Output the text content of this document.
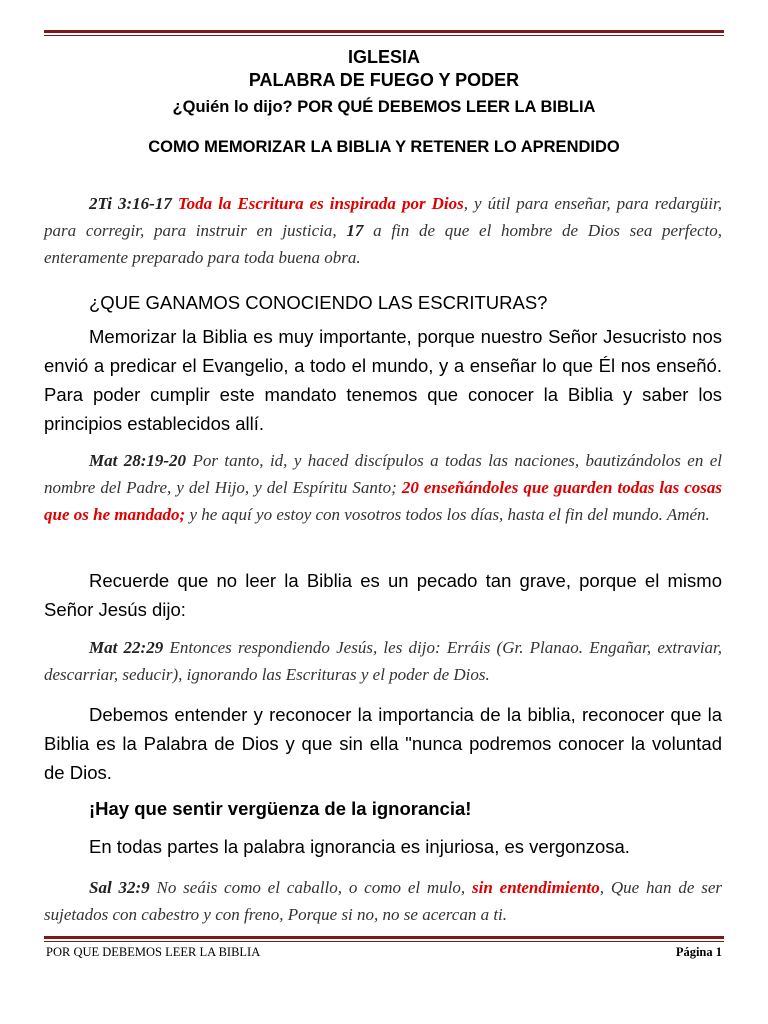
IGLESIA
PALABRA DE FUEGO Y PODER
¿Quién lo dijo? POR QUÉ DEBEMOS LEER LA BIBLIA
COMO MEMORIZAR LA BIBLIA Y RETENER LO APRENDIDO
2Ti 3:16-17 Toda la Escritura es inspirada por Dios, y útil para enseñar, para redargüir, para corregir, para instruir en justicia, 17 a fin de que el hombre de Dios sea perfecto, enteramente preparado para toda buena obra.
¿QUE GANAMOS CONOCIENDO LAS ESCRITURAS?
Memorizar la Biblia es muy importante, porque nuestro Señor Jesucristo nos envió a predicar el Evangelio, a todo el mundo, y a enseñar lo que Él nos enseñó. Para poder cumplir este mandato tenemos que conocer la Biblia y saber los principios establecidos allí.
Mat 28:19-20 Por tanto, id, y haced discípulos a todas las naciones, bautizándolos en el nombre del Padre, y del Hijo, y del Espíritu Santo; 20 enseñándoles que guarden todas las cosas que os he mandado; y he aquí yo estoy con vosotros todos los días, hasta el fin del mundo. Amén.
Recuerde que no leer la Biblia es un pecado tan grave, porque el mismo Señor Jesús dijo:
Mat 22:29 Entonces respondiendo Jesús, les dijo: Erráis (Gr. Planao. Engañar, extraviar, descarriar, seducir), ignorando las Escrituras y el poder de Dios.
Debemos entender y reconocer la importancia de la biblia, reconocer que la Biblia es la Palabra de Dios y que sin ella "nunca podremos conocer la voluntad de Dios.
¡Hay que sentir vergüenza de la ignorancia!
En todas partes la palabra ignorancia es injuriosa, es vergonzosa.
Sal 32:9 No seáis como el caballo, o como el mulo, sin entendimiento, Que han de ser sujetados con cabestro y con freno, Porque si no, no se acercan a ti.
POR QUE DEBEMOS LEER LA BIBLIA	Página 1
